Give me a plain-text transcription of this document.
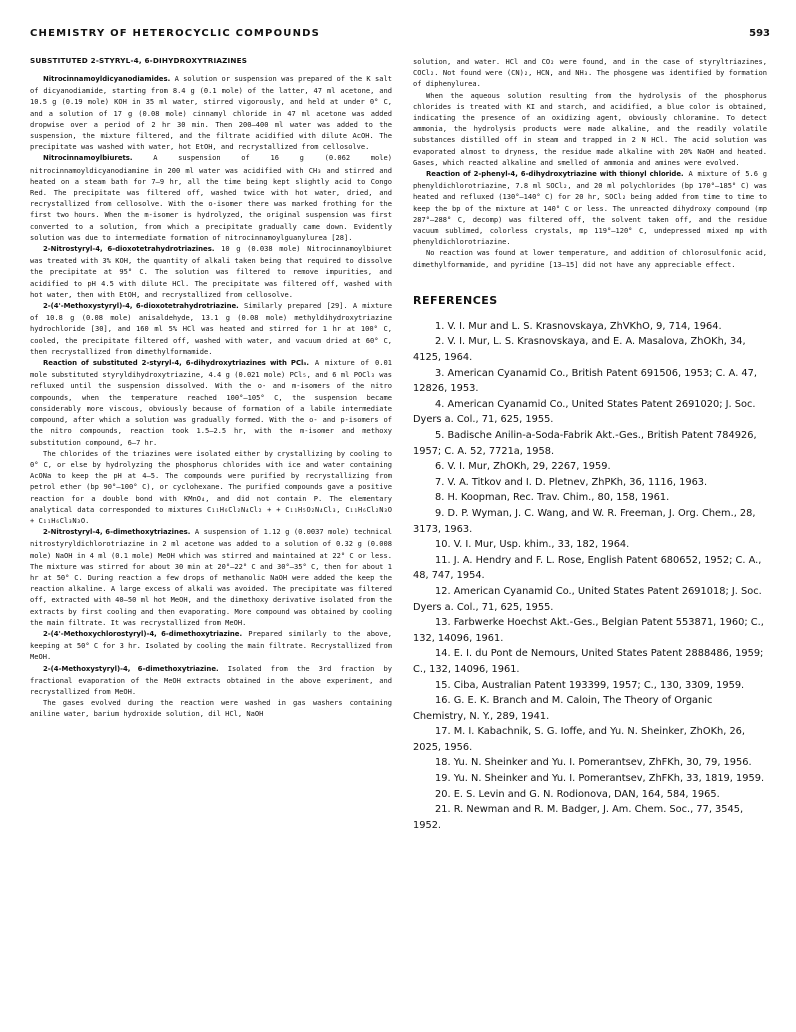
CHEMISTRY OF HETEROCYCLIC COMPOUNDS	593
SUBSTITUTED 2-STYRYL-4, 6-DIHYDROXYTRIAZINES

Nitrocinnamoyldicyanodiamides. A solution or suspension was prepared of the K salt of dicyanodiamide, starting from 8.4 g (0.1 mole) of the latter, 47 ml acetone, and 10.5 g (0.19 mole) KOH in 35 ml water, stirred vigorously, and held at under 0° C, and a solution of 17 g (0.08 mole) cinnamyl chloride in 47 ml acetone was added dropwise over a period of 2 hr 30 min. Then 200–400 ml water was added to the suspension, the mixture filtered, and the filtrate acidified with dilute AcOH. The precipitate was washed with water, hot EtOH, and recrystallized from cellosolve.

Nitrocinnamoylbiurets. A suspension of 16 g (0.062 mole) nitrocinnamoyldicyanodiamine in 200 ml water was acidified with CH₃ and stirred and heated on a steam bath for 7–9 hr, all the time being kept slightly acid to Congo Red. The precipitate was filtered off, washed twice with hot water, dried, and recrystallized from cellosolve. With the o-isomer there was marked frothing for the first two hours. When the m-isomer is hydrolyzed, the original suspension was first converted to a solution, from which a precipitate gradually came down. Evidently solution was due to intermediate formation of nitrocinnamoylguanylurea [28].

2-Nitrostyryl-4, 6-dioxotetrahydrotriazines. 10 g (0.038 mole) Nitrocinnamoylbiuret was treated with 3% KOH, the quantity of alkali taken being that required to dissolve the precipitate at 95° C. The solution was filtered to remove impurities, and acidified to pH 4.5 with dilute HCl. The precipitate was filtered off, washed with hot water, then with EtOH, and recrystallized from cellosolve.

2-(4'-Methoxystyryl)-4, 6-dioxotetrahydrotriazine. Similarly prepared [29]. A mixture of 10.8 g (0.08 mole) anisaldehyde, 13.1 g (0.08 mole) methyldihydroxytriazine hydrochloride [30], and 160 ml 5% HCl was heated and stirred for 1 hr at 100° C, cooled, the precipitate filtered off, washed with water, and vacuum dried at 60° C, then recrystallized from dimethylformamide.

Reaction of substituted 2-styryl-4, 6-dihydroxytriazines with PCl₅. A mixture of 0.01 mole substituted styryldihydroxytriazine, 4.4 g (0.021 mole) PCl₅, and 6 ml POCl₃ was refluxed until the suspension dissolved. With the o- and m-isomers of the nitro compounds, when the temperature reached 100°–105° C, the suspension became considerably more viscous, obviously because of formation of a labile intermediate compound, after which a solution was gradually formed. With the o- and p-isomers of the nitro compounds, reaction took 1.5–2.5 hr, with the m-isomer and methoxy substitution compound, 6–7 hr.

The chlorides of the triazines were isolated either by crystallizing by cooling to 0° C, or else by hydrolyzing the phosphorus chlorides with ice and water containing AcONa to keep the pH at 4–5. The compounds were purified by recrystallizing from petrol ether (bp 90°–100° C), or cyclohexane. The purified compounds gave a positive reaction for a double bond with KMnO₄, and did not contain P. The elementary analytical data corresponded to mixtures C₁₁H₆Cl₂N₄Cl₂ + + C₁₁H₅O₂N₄Cl₃, C₁₁H₆Cl₂N₃O + C₁₁H₆Cl₃N₃O.

2-Nitrostyryl-4, 6-dimethoxytriazines. A suspension of 1.12 g (0.0037 mole) technical nitrostyryldichlorotriazine in 2 ml acetone was added to a solution of 0.32 g (0.008 mole) NaOH in 4 ml (0.1 mole) MeOH which was stirred and maintained at 22° C or less. The mixture was stirred for about 30 min at 20°–22° C and 30°–35° C, then for about 1 hr at 50° C. During reaction a few drops of methanolic NaOH were added the keep the reaction alkaline. A large excess of alkali was avoided. The precipitate was filtered off, extracted with 40–50 ml hot MeOH, and the dimethoxy derivative isolated from the extracts by first cooling and then evaporating. More compound was obtained by cooling the main filtrate. It was recrystallized from MeOH.

2-(4'-Methoxychlorostyryl)-4, 6-dimethoxytriazine. Prepared similarly to the above, keeping at 50° C for 3 hr. Isolated by cooling the main filtrate. Recrystallized from MeOH.

2-(4-Methoxystyryl)-4, 6-dimethoxytriazine. Isolated from the 3rd fraction by fractional evaporation of the MeOH extracts obtained in the above experiment, and recrystallized from MeOH.

The gases evolved during the reaction were washed in gas washers containing aniline water, barium hydroxide solution, dil HCl, NaOH

solution, and water. HCl and CO₂ were found, and in the case of styryltriazines, COCl₂. Not found were (CN)₂, HCN, and NH₃. The phosgene was identified by formation of diphenylurea.

When the aqueous solution resulting from the hydrolysis of the phosphorus chlorides is treated with KI and starch, and acidified, a blue color is obtained, indicating the presence of an oxidizing agent, obviously chloramine. To detect ammonia, the hydrolysis products were made alkaline, and the readily volatile substances distilled off in steam and trapped in 2 N HCl. The acid solution was evaporated almost to dryness, the residue made alkaline with 20% NaOH and heated. Gases, which reacted alkaline and smelled of ammonia and amines were evolved.

Reaction of 2-phenyl-4, 6-dihydroxytriazine with thionyl chloride. A mixture of 5.6 g phenyldichlorotriazine, 7.8 ml SOCl₂, and 20 ml polychlorides (bp 170°–185° C) was heated and refluxed (130°–140° C) for 20 hr, SOCl₂ being added from time to time to keep the bp of the mixture at 140° C or less. The unreacted dihydroxy compound (mp 287°–288° C, decomp) was filtered off, the solvent taken off, and the residue vacuum sublimed, colorless crystals, mp 119°–120° C, undepressed mixed mp with phenyldichlorotriazine.

No reaction was found at lower temperature, and addition of chlorosulfonic acid, dimethylformamide, and pyridine [13–15] did not have any appreciable effect.

REFERENCES
1. V. I. Mur and L. S. Krasnovskaya, ZhVKhO, 9, 714, 1964.
2. V. I. Mur, L. S. Krasnovskaya, and E. A. Masalova, ZhOKh, 34, 4125, 1964.
3. American Cyanamid Co., British Patent 691506, 1953; C. A. 47, 12826, 1953.
4. American Cyanamid Co., United States Patent 2691020; J. Soc. Dyers a. Col., 71, 625, 1955.
5. Badische Anilin-a-Soda-Fabrik Akt.-Ges., British Patent 784926, 1957; C. A. 52, 7721a, 1958.
6. V. I. Mur, ZhOKh, 29, 2267, 1959.
7. V. A. Titkov and I. D. Pletnev, ZhPKh, 36, 1116, 1963.
8. H. Koopman, Rec. Trav. Chim., 80, 158, 1961.
9. D. P. Wyman, J. C. Wang, and W. R. Freeman, J. Org. Chem., 28, 3173, 1963.
10. V. I. Mur, Usp. khim., 33, 182, 1964.
11. J. A. Hendry and F. L. Rose, English Patent 680652, 1952; C. A., 48, 747, 1954.
12. American Cyanamid Co., United States Patent 2691018; J. Soc. Dyers a. Col., 71, 625, 1955.
13. Farbwerke Hoechst Akt.-Ges., Belgian Patent 553871, 1960; C., 132, 14096, 1961.
14. E. I. du Pont de Nemours, United States Patent 2888486, 1959; C., 132, 14096, 1961.
15. Ciba, Australian Patent 193399, 1957; C., 130, 3309, 1959.
16. G. E. K. Branch and M. Caloin, The Theory of Organic Chemistry, N. Y., 289, 1941.
17. M. I. Kabachnik, S. G. Ioffe, and Yu. N. Sheinker, ZhOKh, 26, 2025, 1956.
18. Yu. N. Sheinker and Yu. I. Pomerantsev, ZhFKh, 30, 79, 1956.
19. Yu. N. Sheinker and Yu. I. Pomerantsev, ZhFKh, 33, 1819, 1959.
20. E. S. Levin and G. N. Rodionova, DAN, 164, 584, 1965.
21. R. Newman and R. M. Badger, J. Am. Chem. Soc., 77, 3545, 1952.
